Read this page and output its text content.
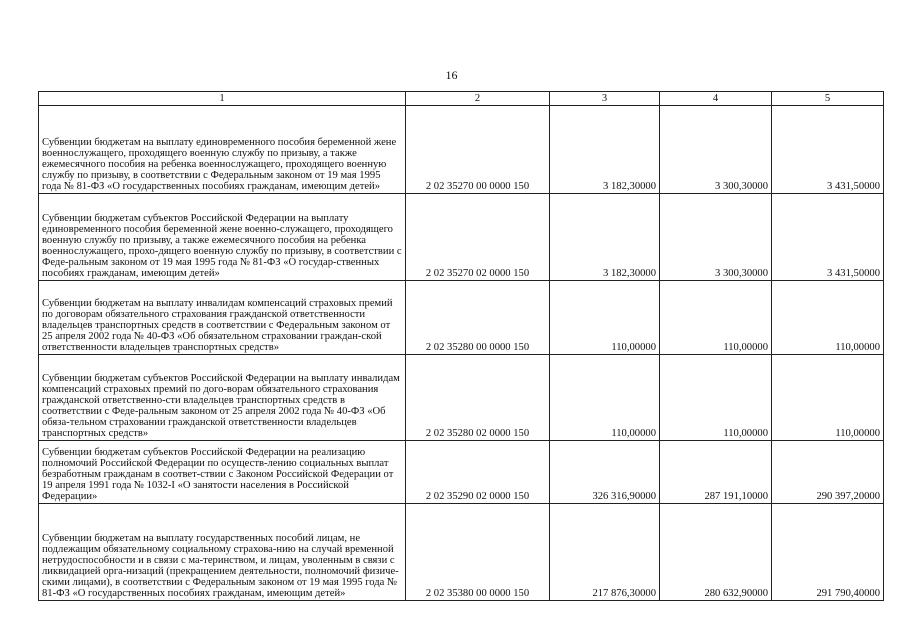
16
1	2	3	4	5
Субвенции бюджетам на выплату единовременного пособия беременной жене военнослужащего, проходящего военную службу по призыву, а также ежемесячного пособия на ребенка военнослужащего, проходящего военную службу по призыву, в соответствии с Федеральным законом от 19 мая 1995 года № 81-ФЗ «О государственных пособиях гражданам, имеющим детей»	2 02 35270 00 0000 150	3 182,30000	3 300,30000	3 431,50000
Субвенции бюджетам субъектов Российской Федерации на выплату единовременного пособия беременной жене военно-служащего, проходящего военную службу по призыву, а также ежемесячного пособия на ребенка военнослужащего, прохо-дящего военную службу по призыву, в соответствии с Феде-ральным законом от 19 мая 1995 года № 81-ФЗ «О государ-ственных пособиях гражданам, имеющим детей»	2 02 35270 02 0000 150	3 182,30000	3 300,30000	3 431,50000
Субвенции бюджетам на выплату инвалидам компенсаций страховых премий по договорам обязательного страхования гражданской ответственности владельцев транспортных средств в соответствии с Федеральным законом от 25 апреля 2002 года № 40-ФЗ «Об обязательном страховании граждан-ской ответственности владельцев транспортных средств»	2 02 35280 00 0000 150	110,00000	110,00000	110,00000
Субвенции бюджетам субъектов Российской Федерации на выплату инвалидам компенсаций страховых премий по дого-ворам обязательного страхования гражданской ответственно-сти владельцев транспортных средств в соответствии с Феде-ральным законом от 25 апреля 2002 года № 40-ФЗ «Об обяза-тельном страховании гражданской ответственности владельцев транспортных средств»	2 02 35280 02 0000 150	110,00000	110,00000	110,00000
Субвенции бюджетам субъектов Российской Федерации на реализацию полномочий Российской Федерации по осуществ-лению социальных выплат безработным гражданам в соответ-ствии с Законом Российской Федерации от 19 апреля 1991 года № 1032-I «О занятости населения в Российской Федерации»	2 02 35290 02 0000 150	326 316,90000	287 191,10000	290 397,20000
Субвенции бюджетам на выплату государственных пособий лицам, не подлежащим обязательному социальному страхова-нию на случай временной нетрудоспособности и в связи с ма-теринством, и лицам, уволенным в связи с ликвидацией орга-низаций (прекращением деятельности, полномочий физиче-скими лицами), в соответствии с Федеральным законом от 19 мая 1995 года № 81-ФЗ «О государственных пособиях гражданам, имеющим детей»	2 02 35380 00 0000 150	217 876,30000	280 632,90000	291 790,40000
